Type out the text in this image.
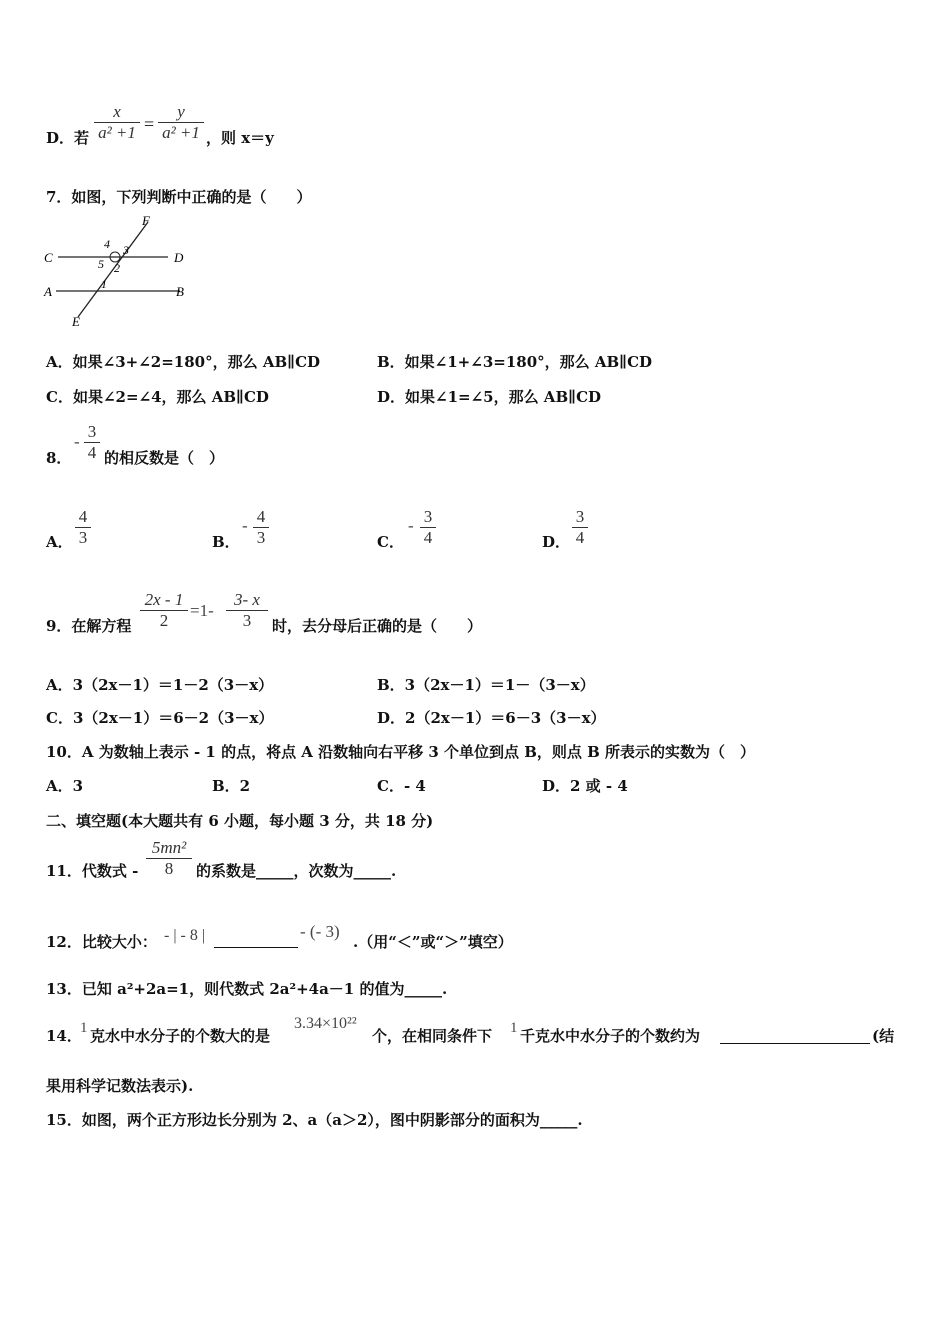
D．若
x
a² +1 =
y
a² +1 ，则 x＝y
7．如图，下列判断中正确的是（　　）
C	D
A	B
E
F
4 3
5 2
1
A．如果∠3+∠2=180°，那么 AB∥CD	B．如果∠1+∠3=180°，那么 AB∥CD
C．如果∠2=∠4，那么 AB∥CD	D．如果∠1=∠5，那么 AB∥CD
8．
-
3
4 的相反数是（　）
A．
4
3	B．
- 4
3	C．
- 3
4	D．
3
4
9．在解方程
2x - 1
2
=1-
3- x
3	时，去分母后正确的是（　　）
A．3（2x－1）＝1－2（3－x）	B．3（2x－1）＝1－（3－x）
C．3（2x－1）＝6－2（3－x）	D．2（2x－1）＝6－3（3－x）
10．A 为数轴上表示 - 1 的点，将点 A 沿数轴向右平移 3 个单位到点 B，则点 B 所表示的实数为（　）
A．3	B．2	C．- 4	D．2 或 - 4
二、填空题(本大题共有 6 小题，每小题 3 分，共 18 分)
11．代数式 -
5mn²
8	的系数是_____，次数为_____.
12．比较大小： - | - 8 |	- (- 3)
.（用“＜”或“＞”填空）
13．已知 a²+2a=1，则代数式 2a²+4a－1 的值为_____.
14．
1 克水中水分子的个数大的是
3.34×10²²
个，在相同条件下 1 千克水中水分子的个数约为	(结
果用科学记数法表示).
15．如图，两个正方形边长分别为 2、a（a＞2），图中阴影部分的面积为_____.
